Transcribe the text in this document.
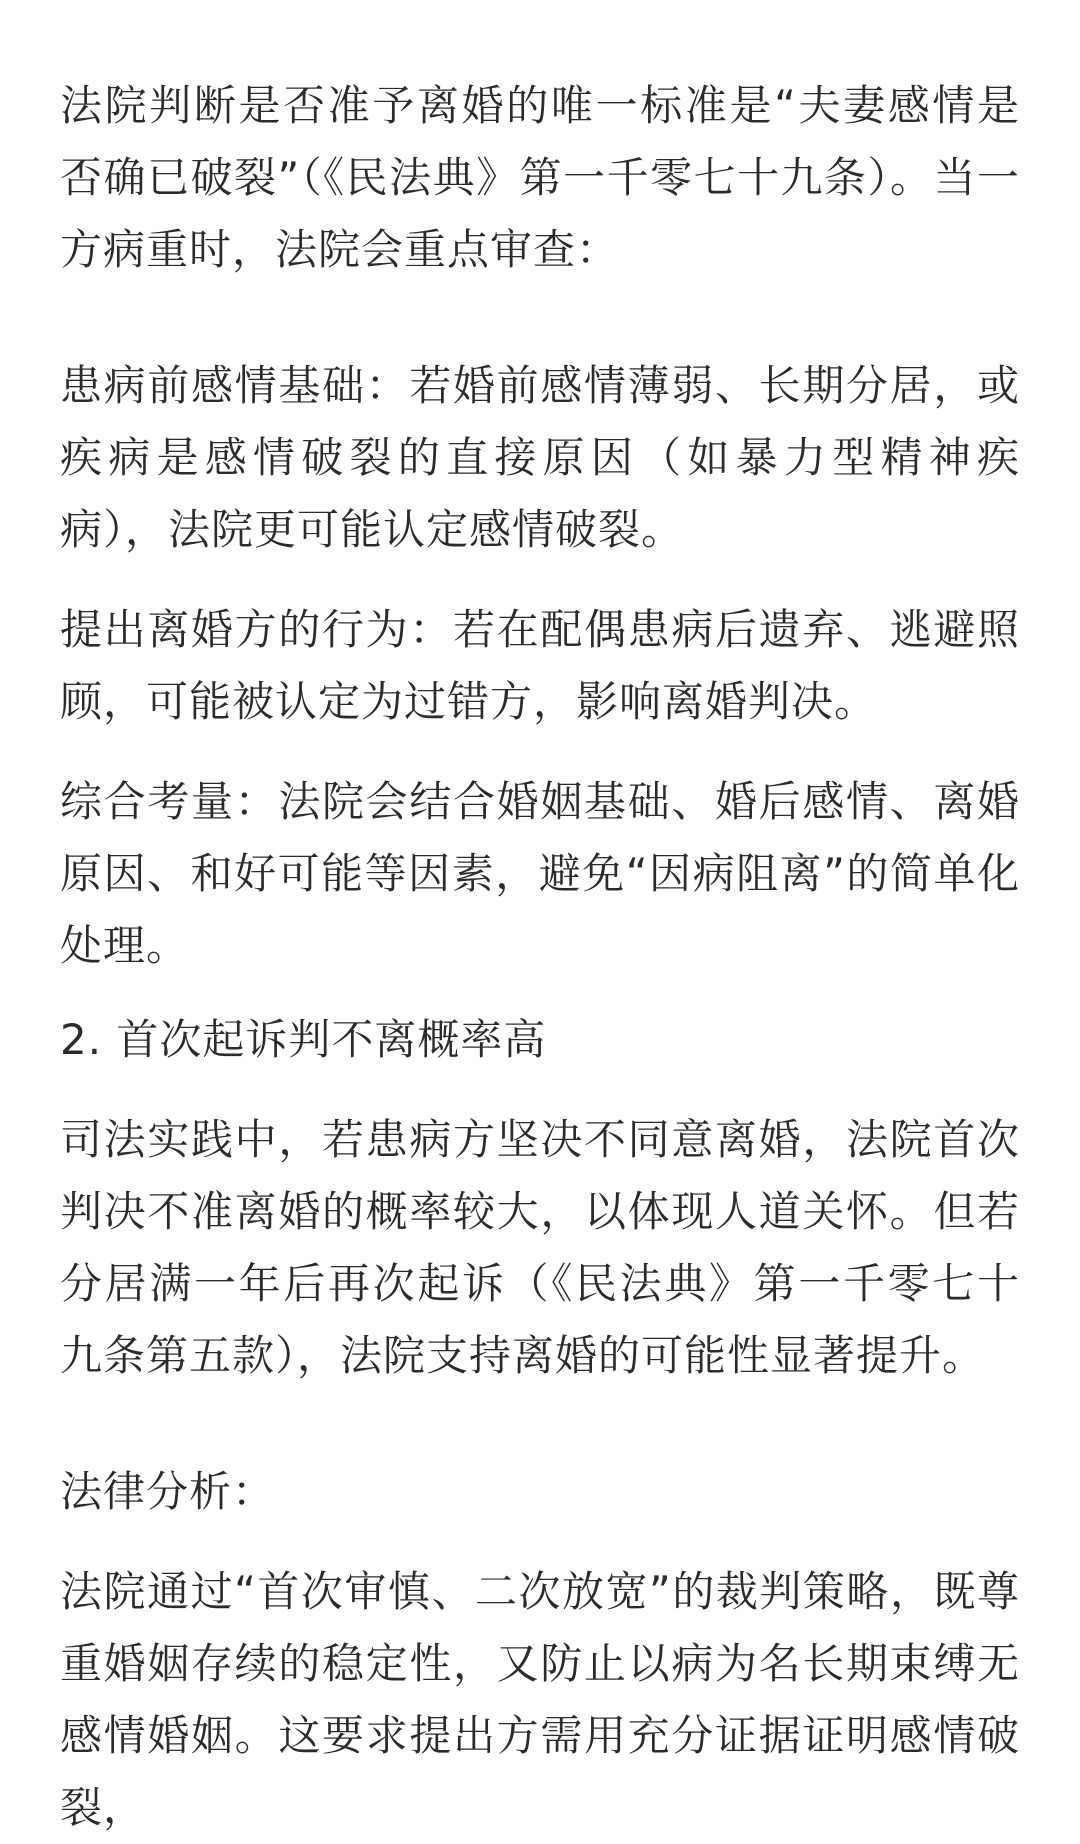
法院判断是否准予离婚的唯一标准是“夫妻感情是否确已破裂”（《民法典》第一千零七十九条）。当一方病重时，法院会重点审查：

患病前感情基础：若婚前感情薄弱、长期分居，或疾病是感情破裂的直接原因（如暴力型精神疾病），法院更可能认定感情破裂。

提出离婚方的行为：若在配偶患病后遗弃、逃避照顾，可能被认定为过错方，影响离婚判决。

综合考量：法院会结合婚姻基础、婚后感情、离婚原因、和好可能等因素，避免“因病阻离”的简单化处理。

2. 首次起诉判不离概率高

司法实践中，若患病方坚决不同意离婚，法院首次判决不准离婚的概率较大，以体现人道关怀。但若分居满一年后再次起诉（《民法典》第一千零七十九条第五款），法院支持离婚的可能性显著提升。

法律分析：

法院通过“首次审慎、二次放宽”的裁判策略，既尊重婚姻存续的稳定性，又防止以病为名长期束缚无感情婚姻。这要求提出方需用充分证据证明感情破裂，
